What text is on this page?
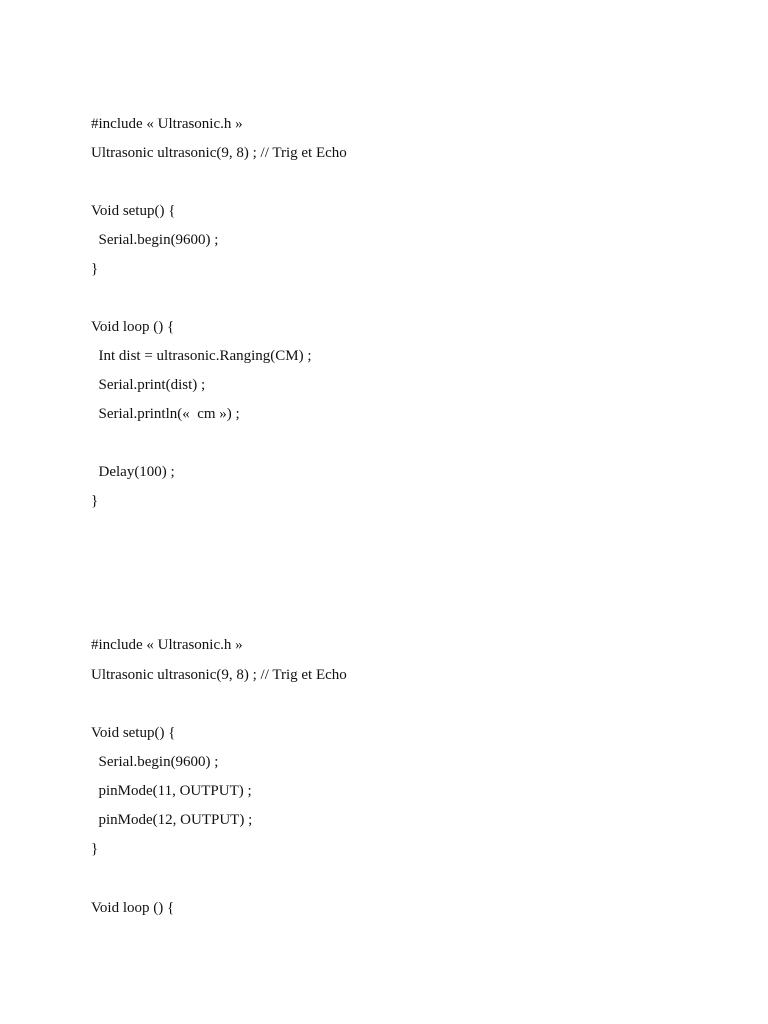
#include « Ultrasonic.h »

Ultrasonic ultrasonic(9, 8) ; // Trig et Echo

Void setup() {

Serial.begin(9600) ;

}

Void loop () {

Int dist = ultrasonic.Ranging(CM) ;

Serial.print(dist) ;

Serial.println(«  cm ») ;

Delay(100) ;

}

#include « Ultrasonic.h »

Ultrasonic ultrasonic(9, 8) ; // Trig et Echo

Void setup() {

Serial.begin(9600) ;

pinMode(11, OUTPUT) ;

pinMode(12, OUTPUT) ;

}

Void loop () {
